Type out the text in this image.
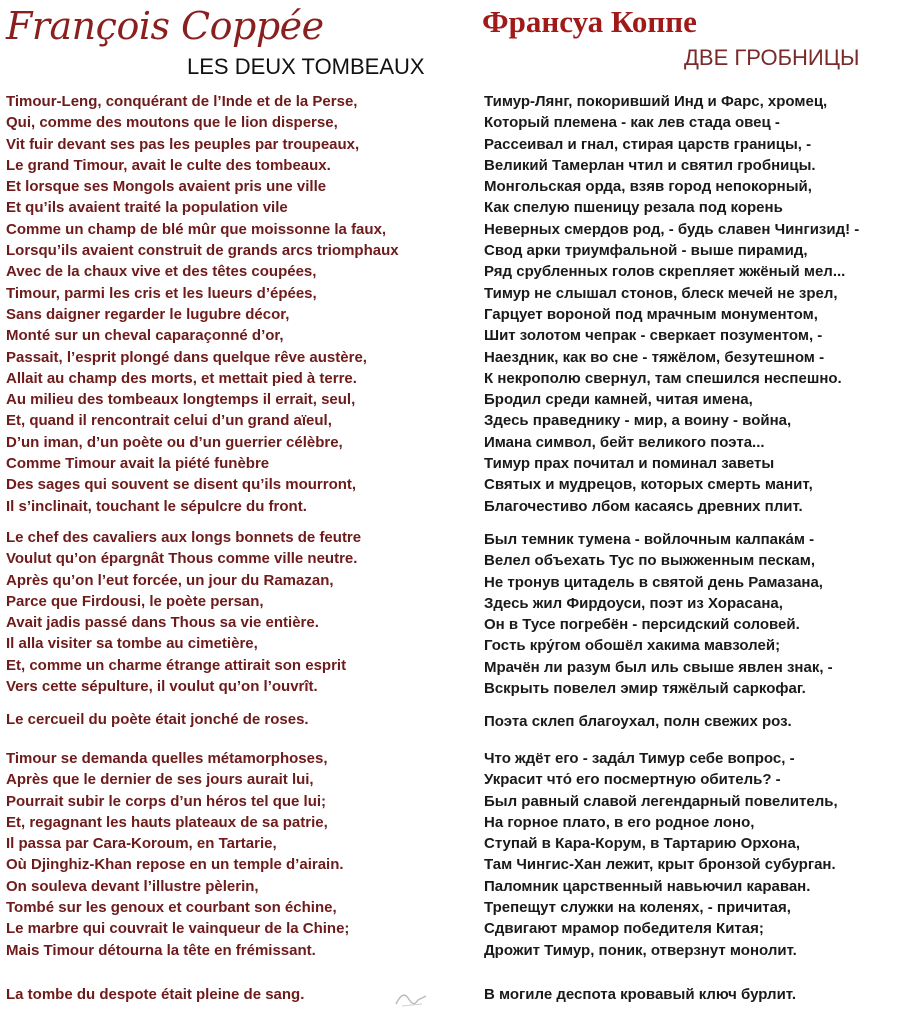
François Coppée
LES DEUX TOMBEAUX
Timour-Leng, conquérant de l’Inde et de la Perse,
Qui, comme des moutons que le lion disperse,
Vit fuir devant ses pas les peuples par troupeaux,
Le grand Timour, avait le culte des tombeaux.
Et lorsque ses Mongols avaient pris une ville
Et qu’ils avaient traité la population vile
Comme un champ de blé mûr que moissonne la faux,
Lorsqu’ils avaient construit de grands arcs triomphaux
Avec de la chaux vive et des têtes coupées,
Timour, parmi les cris et les lueurs d’épées,
Sans daigner regarder le lugubre décor,
Monté sur un cheval caparaçonné d’or,
Passait, l’esprit plongé dans quelque rêve austère,
Allait au champ des morts, et mettait pied à terre.
Au milieu des tombeaux longtemps il errait, seul,
Et, quand il rencontrait celui d’un grand aïeul,
D’un iman, d’un poète ou d’un guerrier célèbre,
Comme Timour avait la piété funèbre
Des sages qui souvent se disent qu’ils mourront,
Il s’inclinait, touchant le sépulcre du front.
Le chef des cavaliers aux longs bonnets de feutre
Voulut qu’on épargnât Thous comme ville neutre.
Après qu’on l’eut forcée, un jour du Ramazan,
Parce que Firdousi, le poète persan,
Avait jadis passé dans Thous sa vie entière.
Il alla visiter sa tombe au cimetière,
Et, comme un charme étrange attirait son esprit
Vers cette sépulture, il voulut qu’on l’ouvrît.
Le cercueil du poète était jonché de roses.
Timour se demanda quelles métamorphoses,
Après que le dernier de ses jours aurait lui,
Pourrait subir le corps d’un héros tel que lui;
Et, regagnant les hauts plateaux de sa patrie,
Il passa par Cara-Koroum, en Tartarie,
Où Djinghiz-Khan repose en un temple d’airain.
On souleva devant l’illustre pèlerin,
Tombé sur les genoux et courbant son échine,
Le marbre qui couvrait le vainqueur de la Chine;
Mais Timour détourna la tête en frémissant.
La tombe du despote était pleine de sang.
Франсуа Коппе
ДВЕ ГРОБНИЦЫ
Тимур-Лянг, покоривший Инд и Фарс, хромец,
Который племена - как лев стада овец -
Рассеивал и гнал, стирая царств границы, -
Великий Тамерлан чтил и святил гробницы.
Монгольская орда, взяв город непокорный,
Как спелую пшеницу резала под корень
Неверных смердов род, - будь славен Чингизид! -
Свод арки триумфальной - выше пирамид,
Ряд срубленных голов скрепляет жжёный мел...
Тимур не слышал стонов, блеск мечей не зрел,
Гарцует вороной под мрачным монументом,
Шит золотом чепрак - сверкает позументом, -
Наездник, как во сне - тяжёлом, безутешном -
К некрополю свернул, там спешился неспешно.
Бродил среди камней, читая имена,
Здесь праведнику - мир, а воину - война,
Имана символ, бейт великого поэта...
Тимур прах почитал и поминал заветы
Святых и мудрецов, которых смерть манит,
Благочестиво лбом касаясь древних плит.
Был темник тумена - войлочным калпака́м -
Велел объехать Тус по выжженным пескам,
Не тронув цитадель в святой день Рамазана,
Здесь жил Фирдоуси, поэт из Хорасана,
Он в Тусе погребён - персидский соловей.
Гость кру́гом обошёл хакима мавзолей;
Мрачён ли разум был иль свыше явлен знак, -
Вскрыть повелел эмир тяжёлый саркофаг.
Поэта склеп благоухал, полн свежих роз.
Что ждёт его - зада́л Тимур себе вопрос, -
Украсит что́ его посмертную обитель? -
Был равный славой легендарный повелитель,
На горное плато, в его родное лоно,
Ступай в Кара-Корум, в Тартарию Орхона,
Там Чингис-Хан лежит, крыт бронзой субурган.
Паломник царственный навьючил караван.
Трепещут служки на коленях, - причитая,
Сдвигают мрамор победителя Китая;
Дрожит Тимур, поник, отверзнут монолит.
В могиле деспота кровавый ключ бурлит.
